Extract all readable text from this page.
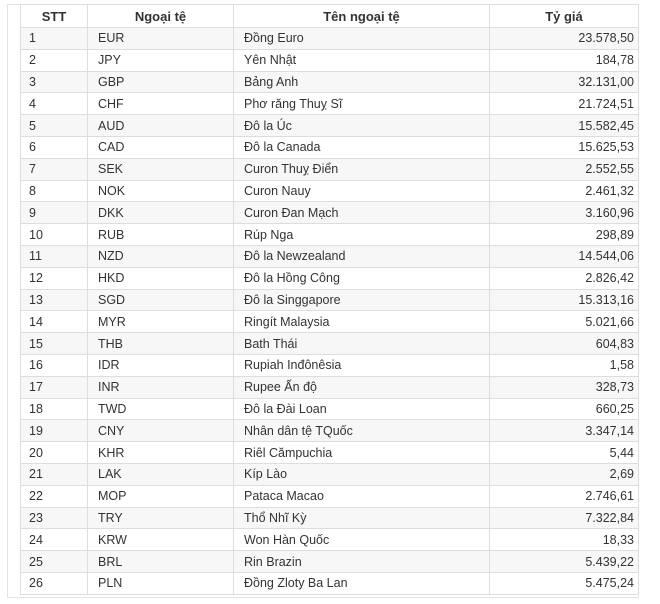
STT	Ngoại tệ	Tên ngoại tệ	Tỷ giá
1	EUR	Đồng Euro	23.578,50
2	JPY	Yên Nhật	184,78
3	GBP	Bảng Anh	32.131,00
4	CHF	Phơ răng Thuỵ Sĩ	21.724,51
5	AUD	Đô la Úc	15.582,45
6	CAD	Đô la Canada	15.625,53
7	SEK	Curon Thuỵ Điển	2.552,55
8	NOK	Curon Nauy	2.461,32
9	DKK	Curon Đan Mạch	3.160,96
10	RUB	Rúp Nga	298,89
11	NZD	Đô la Newzealand	14.544,06
12	HKD	Đô la Hồng Công	2.826,42
13	SGD	Đô la Singgapore	15.313,16
14	MYR	Ringít Malaysia	5.021,66
15	THB	Bath Thái	604,83
16	IDR	Rupiah Inđônêsia	1,58
17	INR	Rupee Ấn độ	328,73
18	TWD	Đô la Đài Loan	660,25
19	CNY	Nhân dân tệ TQuốc	3.347,14
20	KHR	Riêl Cămpuchia	5,44
21	LAK	Kíp Lào	2,69
22	MOP	Pataca Macao	2.746,61
23	TRY	Thổ Nhĩ Kỳ	7.322,84
24	KRW	Won Hàn Quốc	18,33
25	BRL	Rin Brazin	5.439,22
26	PLN	Đồng Zloty Ba Lan	5.475,24
